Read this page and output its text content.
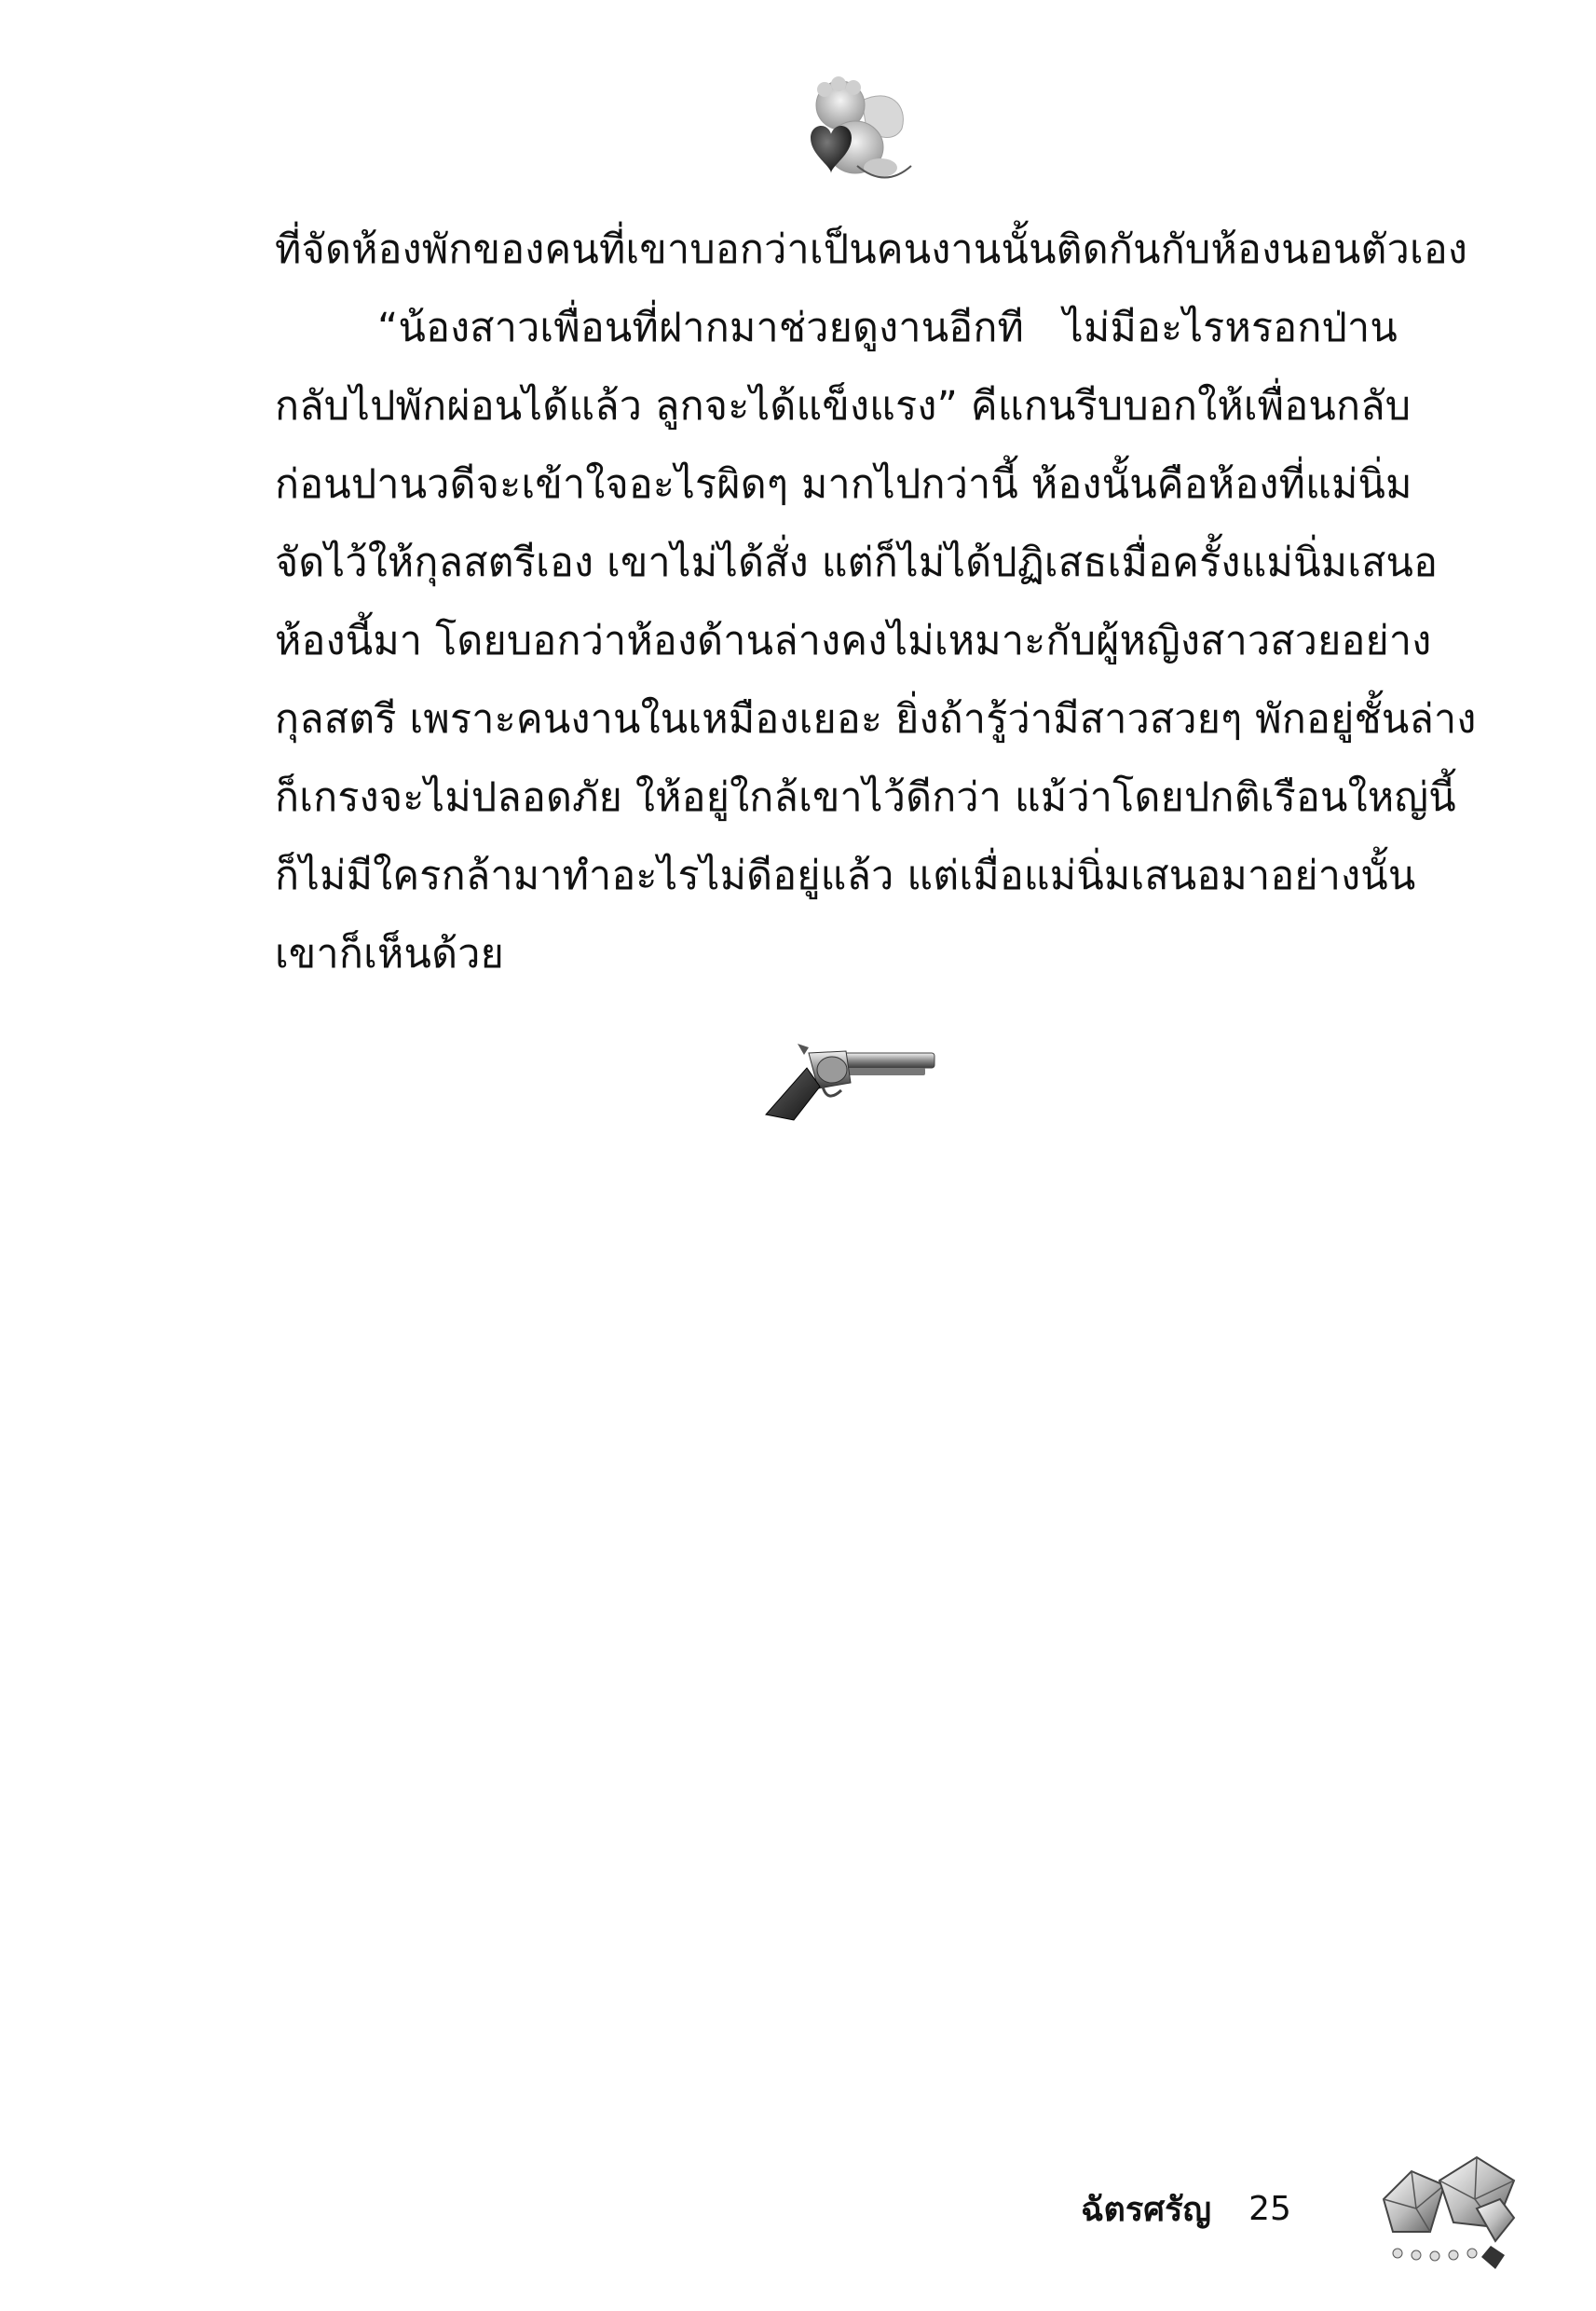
ที่จัดห้องพักของคนที่เขาบอกว่าเป็นคนงานนั้นติดกันกับห้องนอนตัวเอง
“น้องสาวเพื่อนที่ฝากมาช่วยดูงานอีกที ไม่มีอะไรหรอกป่าน
กลับไปพักผ่อนได้แล้ว ลูกจะได้แข็งแรง” คีแกนรีบบอกให้เพื่อนกลับ
ก่อนปานวดีจะเข้าใจอะไรผิดๆ มากไปกว่านี้ ห้องนั้นคือห้องที่แม่นิ่ม
จัดไว้ให้กุลสตรีเอง เขาไม่ได้สั่ง แต่ก็ไม่ได้ปฏิเสธเมื่อครั้งแม่นิ่มเสนอ
ห้องนี้มา โดยบอกว่าห้องด้านล่างคงไม่เหมาะกับผู้หญิงสาวสวยอย่าง
กุลสตรี เพราะคนงานในเหมืองเยอะ ยิ่งถ้ารู้ว่ามีสาวสวยๆ พักอยู่ชั้นล่าง
ก็เกรงจะไม่ปลอดภัย ให้อยู่ใกล้เขาไว้ดีกว่า แม้ว่าโดยปกติเรือนใหญ่นี้
ก็ไม่มีใครกล้ามาทำอะไรไม่ดีอยู่แล้ว แต่เมื่อแม่นิ่มเสนอมาอย่างนั้น
เขาก็เห็นด้วย
ฉัตรศรัญ 25
